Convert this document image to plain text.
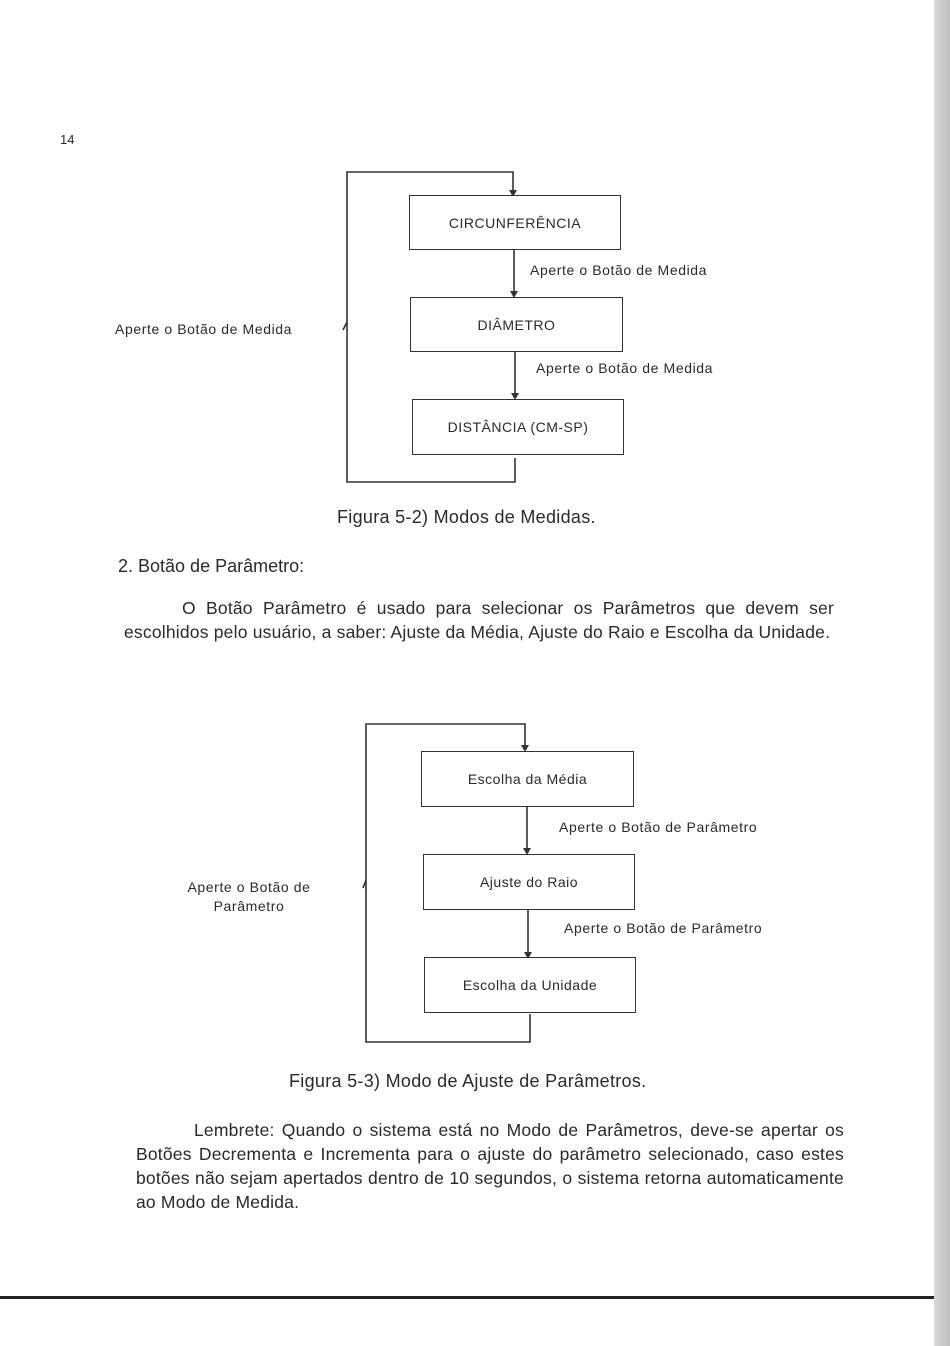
14
CIRCUNFERÊNCIA
DIÂMETRO
DISTÂNCIA (CM-SP)
Aperte o Botão de Medida
Aperte o Botão de Medida
Aperte o Botão de Medida
Figura 5-2) Modos de Medidas.
2. Botão de Parâmetro:
O Botão Parâmetro é usado para selecionar os Parâmetros que devem ser escolhidos pelo usuário, a saber: Ajuste da Média, Ajuste do Raio e Escolha da Unidade.
Escolha da Média
Ajuste do Raio
Escolha da Unidade
Aperte o Botão de Parâmetro
Aperte o Botão de Parâmetro
Aperte o Botão de Parâmetro
Figura 5-3) Modo de Ajuste de Parâmetros.
Lembrete: Quando o sistema está no Modo de Parâmetros, deve-se apertar os Botões Decrementa e Incrementa para o ajuste do parâmetro selecionado, caso estes botões não sejam apertados dentro de 10 segundos, o sistema retorna automaticamente ao Modo de Medida.
